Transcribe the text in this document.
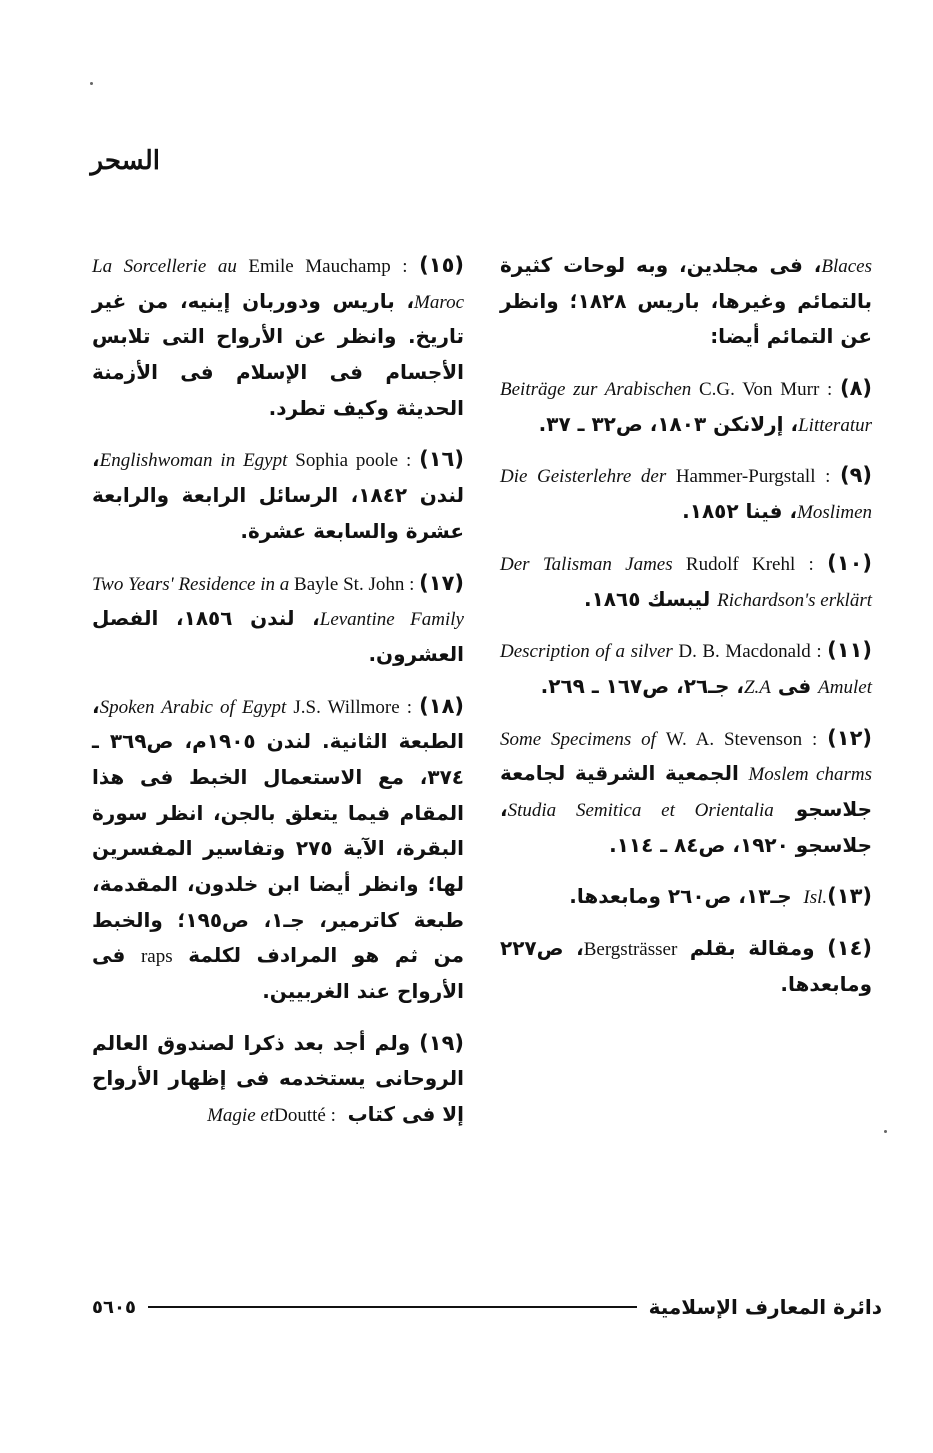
السحر

Blaces، فى مجلدين، وبه لوحات كثيرة بالتمائم وغيرها، باريس ١٨٢٨؛ وانظر عن التمائم أيضا:

(٨) C.G. Von Murr : Beiträge zur Arabischen Litteratur، إرلانكن ١٨٠٣، ص٣٢ ـ ٣٧.

(٩) Hammer-Purgstall : Die Geisterlehre der Moslimen، فينا ١٨٥٢.

(١٠) Rudolf Krehl : Der Talisman James Richardson's erklärt ليبسك ١٨٦٥.

(١١) D. B. Macdonald : Description of a silver Amulet فى Z.A، جـ٢٦، ص١٦٧ ـ ٢٦٩.

(١٢) W. A. Stevenson : Some Specimens of Moslem charms الجمعية الشرقية لجامعة جلاسجو Studia Semitica et Orientalia، جلاسجو ١٩٢٠، ص٨٤ ـ ١١٤.

(١٣) Isl. جـ١٣، ص٢٦٠ ومابعدها.

(١٤) ومقالة بقلم Bergsträsser، ص٢٢٧ ومابعدها.

(١٥) Emile Mauchamp : La Sorcellerie au Maroc، باريس ودوربان إينيه، من غير تاريخ. وانظر عن الأرواح التى تلابس الأجسام فى الإسلام فى الأزمنة الحديثة وكيف تطرد.

(١٦) Sophia poole : Englishwoman in Egypt، لندن ١٨٤٢، الرسائل الرابعة والرابعة عشرة والسابعة عشرة.

(١٧) Bayle St. John : Two Years' Residence in a Levantine Family، لندن ١٨٥٦، الفصل العشرون.

(١٨) J.S. Willmore : Spoken Arabic of Egypt، الطبعة الثانية. لندن ١٩٠٥م، ص٣٦٩ ـ ٣٧٤، مع الاستعمال الخبط فى هذا المقام فيما يتعلق بالجن، انظر سورة البقرة، الآية ٢٧٥ وتفاسير المفسرين لها؛ وانظر أيضا ابن خلدون، المقدمة، طبعة كاترمير، جـ١، ص١٩٥؛ والخبط من ثم هو المرادف لكلمة raps فى الأرواح عند الغربيين.

(١٩) ولم أجد بعد ذكرا لصندوق العالم الروحانى يستخدمه فى إظهار الأرواح إلا فى كتاب Doutté : Magie et

٥٦٠٥	دائرة المعارف الإسلامية
